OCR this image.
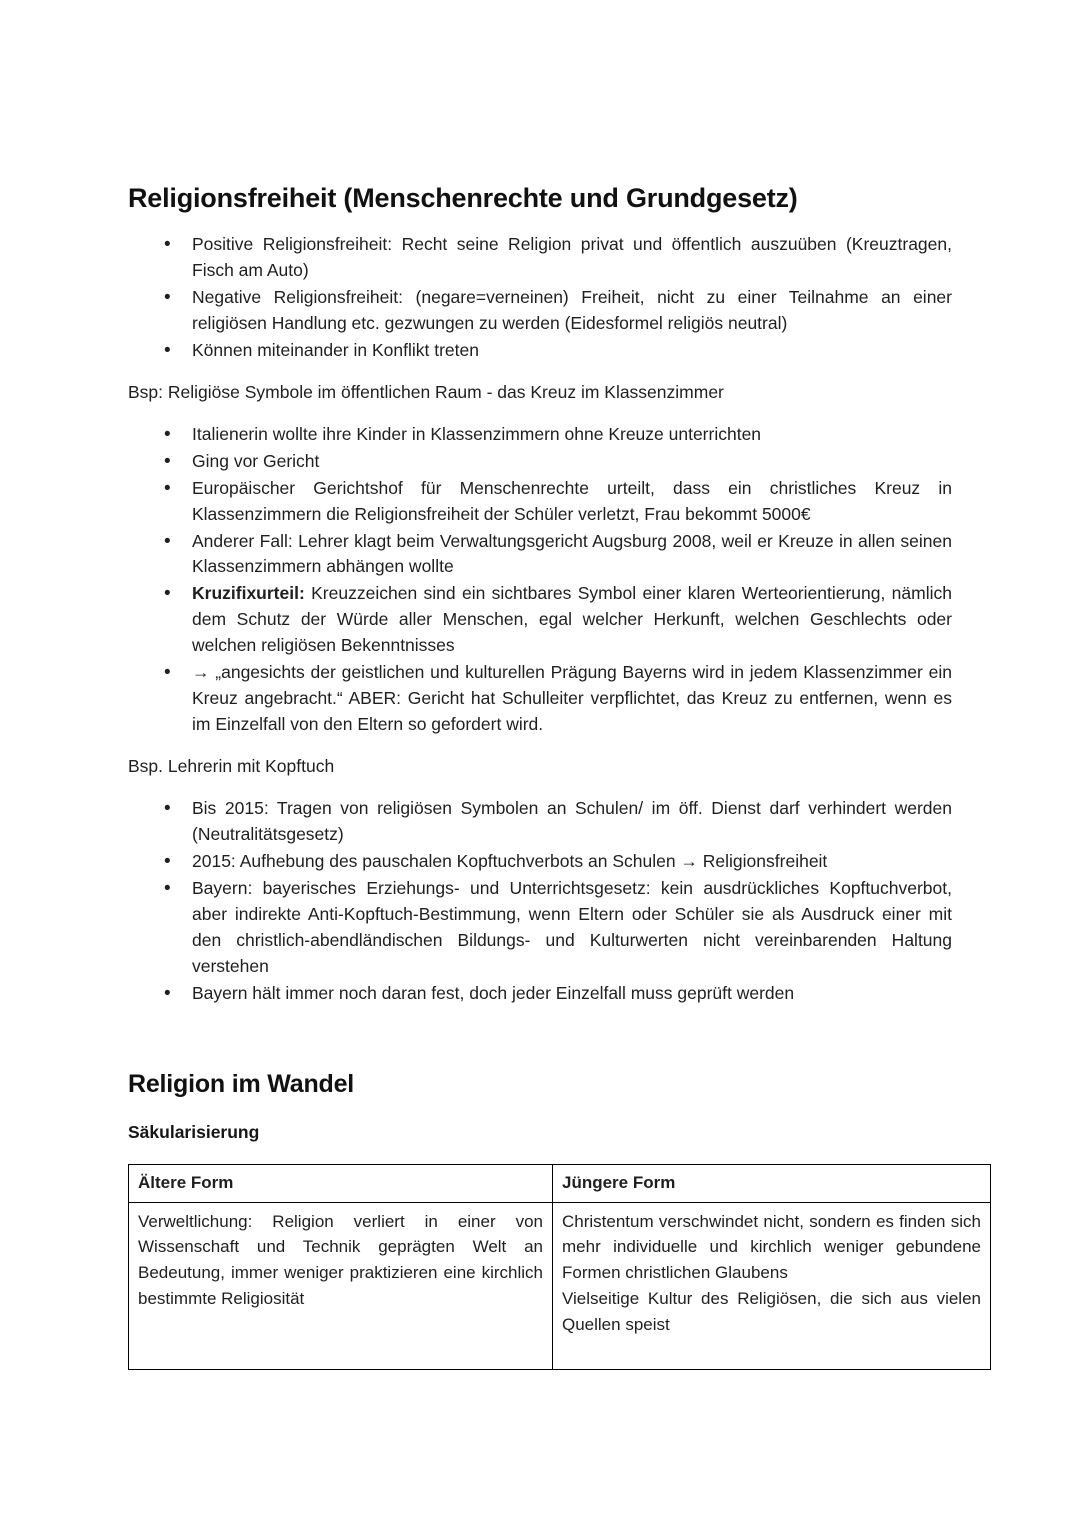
Religionsfreiheit (Menschenrechte und Grundgesetz)
• Positive Religionsfreiheit: Recht seine Religion privat und öffentlich auszuüben (Kreuztragen, Fisch am Auto)
• Negative Religionsfreiheit: (negare=verneinen) Freiheit, nicht zu einer Teilnahme an einer religiösen Handlung etc. gezwungen zu werden (Eidesformel religiös neutral)
• Können miteinander in Konflikt treten

Bsp: Religiöse Symbole im öffentlichen Raum - das Kreuz im Klassenzimmer

• Italienerin wollte ihre Kinder in Klassenzimmern ohne Kreuze unterrichten
• Ging vor Gericht
• Europäischer Gerichtshof für Menschenrechte urteilt, dass ein christliches Kreuz in Klassenzimmern die Religionsfreiheit der Schüler verletzt, Frau bekommt 5000€
• Anderer Fall: Lehrer klagt beim Verwaltungsgericht Augsburg 2008, weil er Kreuze in allen seinen Klassenzimmern abhängen wollte
• Kruzifixurteil: Kreuzzeichen sind ein sichtbares Symbol einer klaren Werteorientierung, nämlich dem Schutz der Würde aller Menschen, egal welcher Herkunft, welchen Geschlechts oder welchen religiösen Bekenntnisses
• → „angesichts der geistlichen und kulturellen Prägung Bayerns wird in jedem Klassenzimmer ein Kreuz angebracht.“ ABER: Gericht hat Schulleiter verpflichtet, das Kreuz zu entfernen, wenn es im Einzelfall von den Eltern so gefordert wird.

Bsp. Lehrerin mit Kopftuch

• Bis 2015: Tragen von religiösen Symbolen an Schulen/ im öff. Dienst darf verhindert werden (Neutralitätsgesetz)
• 2015: Aufhebung des pauschalen Kopftuchverbots an Schulen → Religionsfreiheit
• Bayern: bayerisches Erziehungs- und Unterrichtsgesetz: kein ausdrückliches Kopftuchverbot, aber indirekte Anti-Kopftuch-Bestimmung, wenn Eltern oder Schüler sie als Ausdruck einer mit den christlich-abendländischen Bildungs- und Kulturwerten nicht vereinbarenden Haltung verstehen
• Bayern hält immer noch daran fest, doch jeder Einzelfall muss geprüft werden
Religion im Wandel
Säkularisierung
Ältere Form	Jüngere Form

Verweltlichung: Religion verliert in einer von Wissenschaft und Technik geprägten Welt an Bedeutung, immer weniger praktizieren eine kirchlich bestimmte Religiosität	Christentum verschwindet nicht, sondern es finden sich mehr individuelle und kirchlich weniger gebundene Formen christlichen Glaubens

Vielseitige Kultur des Religiösen, die sich aus vielen Quellen speist
